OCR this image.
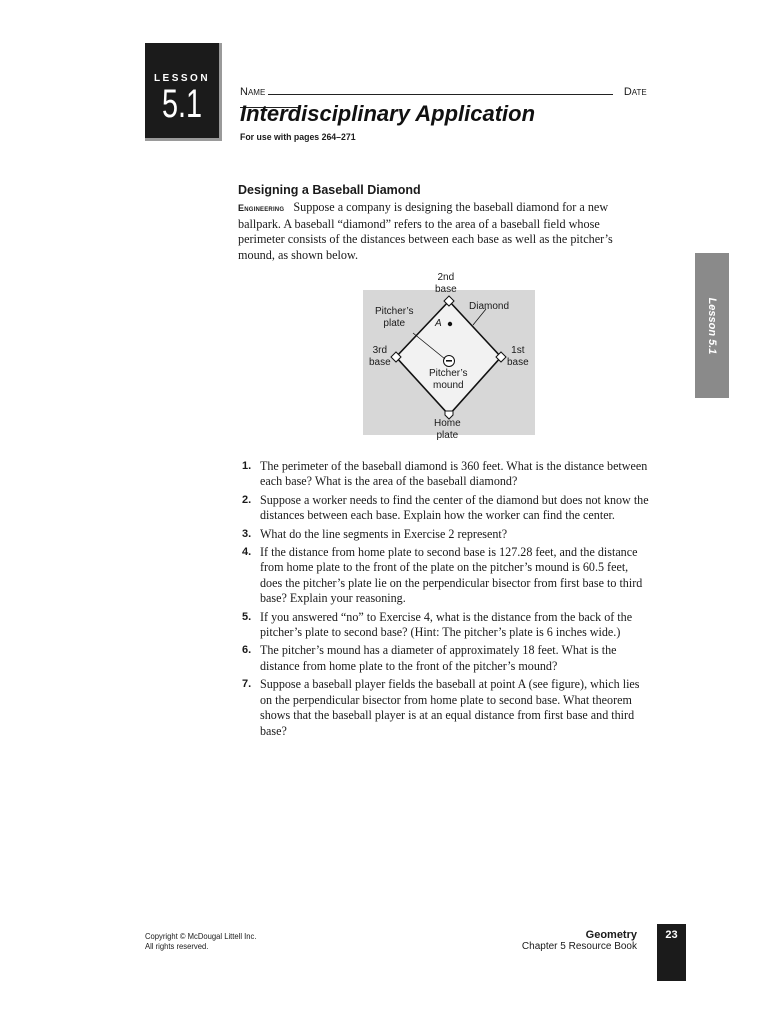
LESSON
5.1	Name	Date
Interdisciplinary Application

For use with pages 264–271

Lesson 5.1
Designing a Baseball Diamond

Engineering Suppose a company is designing the baseball diamond for a new ballpark. A baseball “diamond” refers to the area of a baseball field whose perimeter consists of the distances between each base as well as the pitcher’s mound, as shown below.

2nd
base
Diamond
Pitcher’s
plate	A
3rd
base
1st
base
Pitcher’s
mound
Home
plate
1. The perimeter of the baseball diamond is 360 feet. What is the distance between each base? What is the area of the baseball diamond?
2. Suppose a worker needs to find the center of the diamond but does not know the distances between each base. Explain how the worker can find the center.
3. What do the line segments in Exercise 2 represent?
4. If the distance from home plate to second base is 127.28 feet, and the distance from home plate to the front of the plate on the pitcher’s mound is 60.5 feet, does the pitcher’s plate lie on the perpendicular bisector from first base to third base? Explain your reasoning.
5. If you answered “no” to Exercise 4, what is the distance from the back of the pitcher’s plate to second base? (Hint: The pitcher’s plate is 6 inches wide.)
6. The pitcher’s mound has a diameter of approximately 18 feet. What is the distance from home plate to the front of the pitcher’s mound?
7. Suppose a baseball player fields the baseball at point A (see figure), which lies on the perpendicular bisector from home plate to second base. What theorem shows that the baseball player is at an equal distance from first base and third base?
Copyright © McDougal Littell Inc.
All rights reserved.
Geometry
Chapter 5 Resource Book
23
